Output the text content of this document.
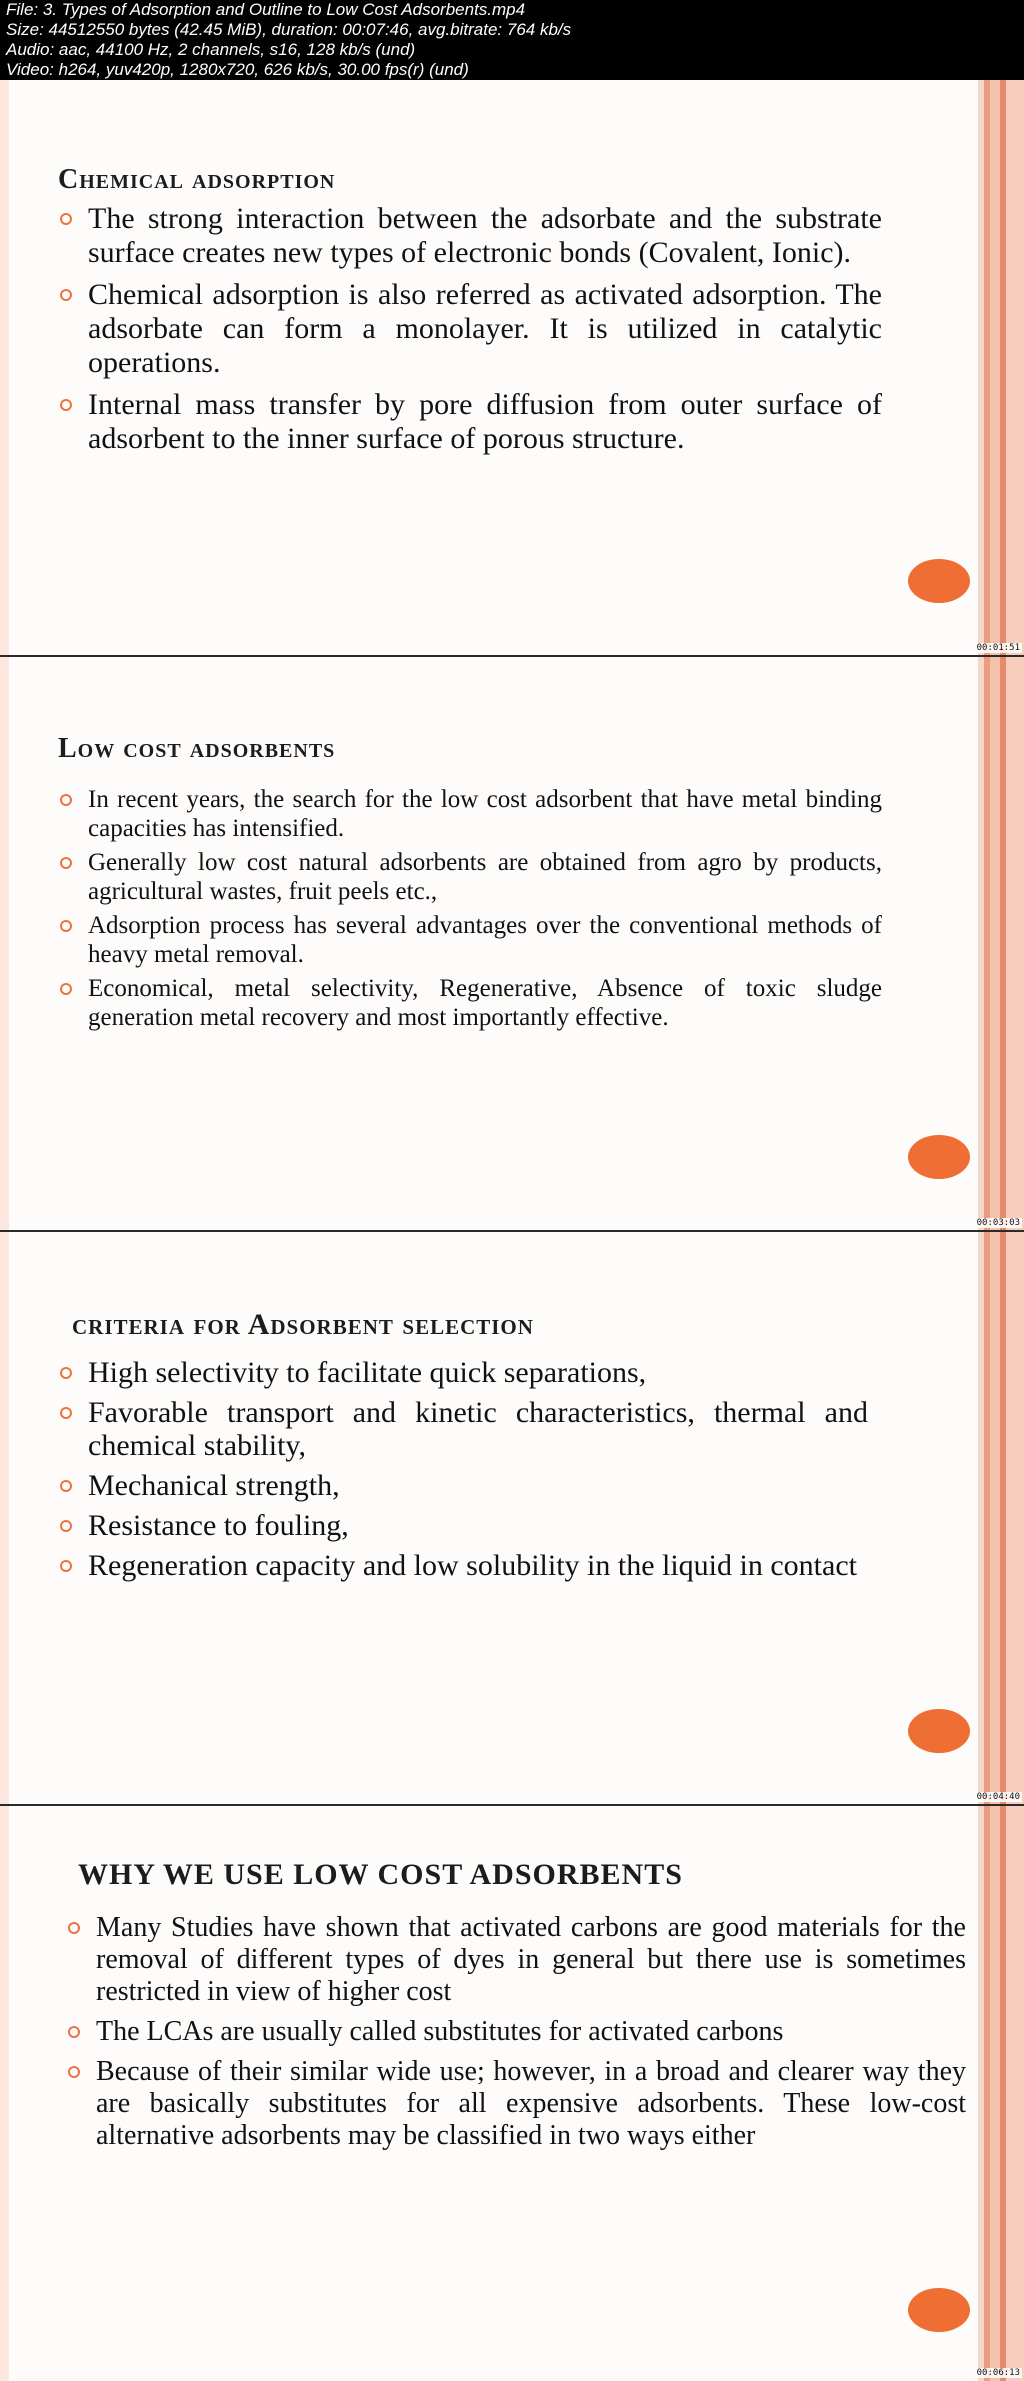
File: 3. Types of Adsorption and Outline to Low Cost Adsorbents.mp4
Size: 44512550 bytes (42.45 MiB), duration: 00:07:46, avg.bitrate: 764 kb/s
Audio: aac, 44100 Hz, 2 channels, s16, 128 kb/s (und)
Video: h264, yuv420p, 1280x720, 626 kb/s, 30.00 fps(r) (und)
Chemical adsorption
The strong interaction between the adsorbate and the substrate surface creates new types of electronic bonds (Covalent, Ionic).
Chemical adsorption is also referred as activated adsorption. The adsorbate can form a monolayer. It is utilized in catalytic operations.
Internal mass transfer by pore diffusion from outer surface of adsorbent to the inner surface of porous structure.
00:01:51
Low cost adsorbents
In recent years, the search for the low cost adsorbent that have metal binding capacities has intensified.
Generally low cost natural adsorbents are obtained from agro by products, agricultural wastes, fruit peels etc.,
Adsorption process has several advantages over the conventional methods of heavy metal removal.
Economical, metal selectivity, Regenerative, Absence of toxic sludge generation metal recovery and most importantly effective.
00:03:03
criteria for Adsorbent selection
High selectivity to facilitate quick separations,
Favorable transport and kinetic characteristics, thermal and chemical stability,
Mechanical strength,
Resistance to fouling,
Regeneration capacity and low solubility in the liquid in contact
00:04:40
WHY WE USE LOW COST ADSORBENTS
Many Studies have shown that activated carbons are good materials for the removal of different types of dyes in general but there use is sometimes restricted in view of higher cost
The LCAs are usually called substitutes for activated carbons
Because of their similar wide use; however, in a broad and clearer way they are basically substitutes for all expensive adsorbents. These low-cost alternative adsorbents may be classified in two ways either
00:06:13
